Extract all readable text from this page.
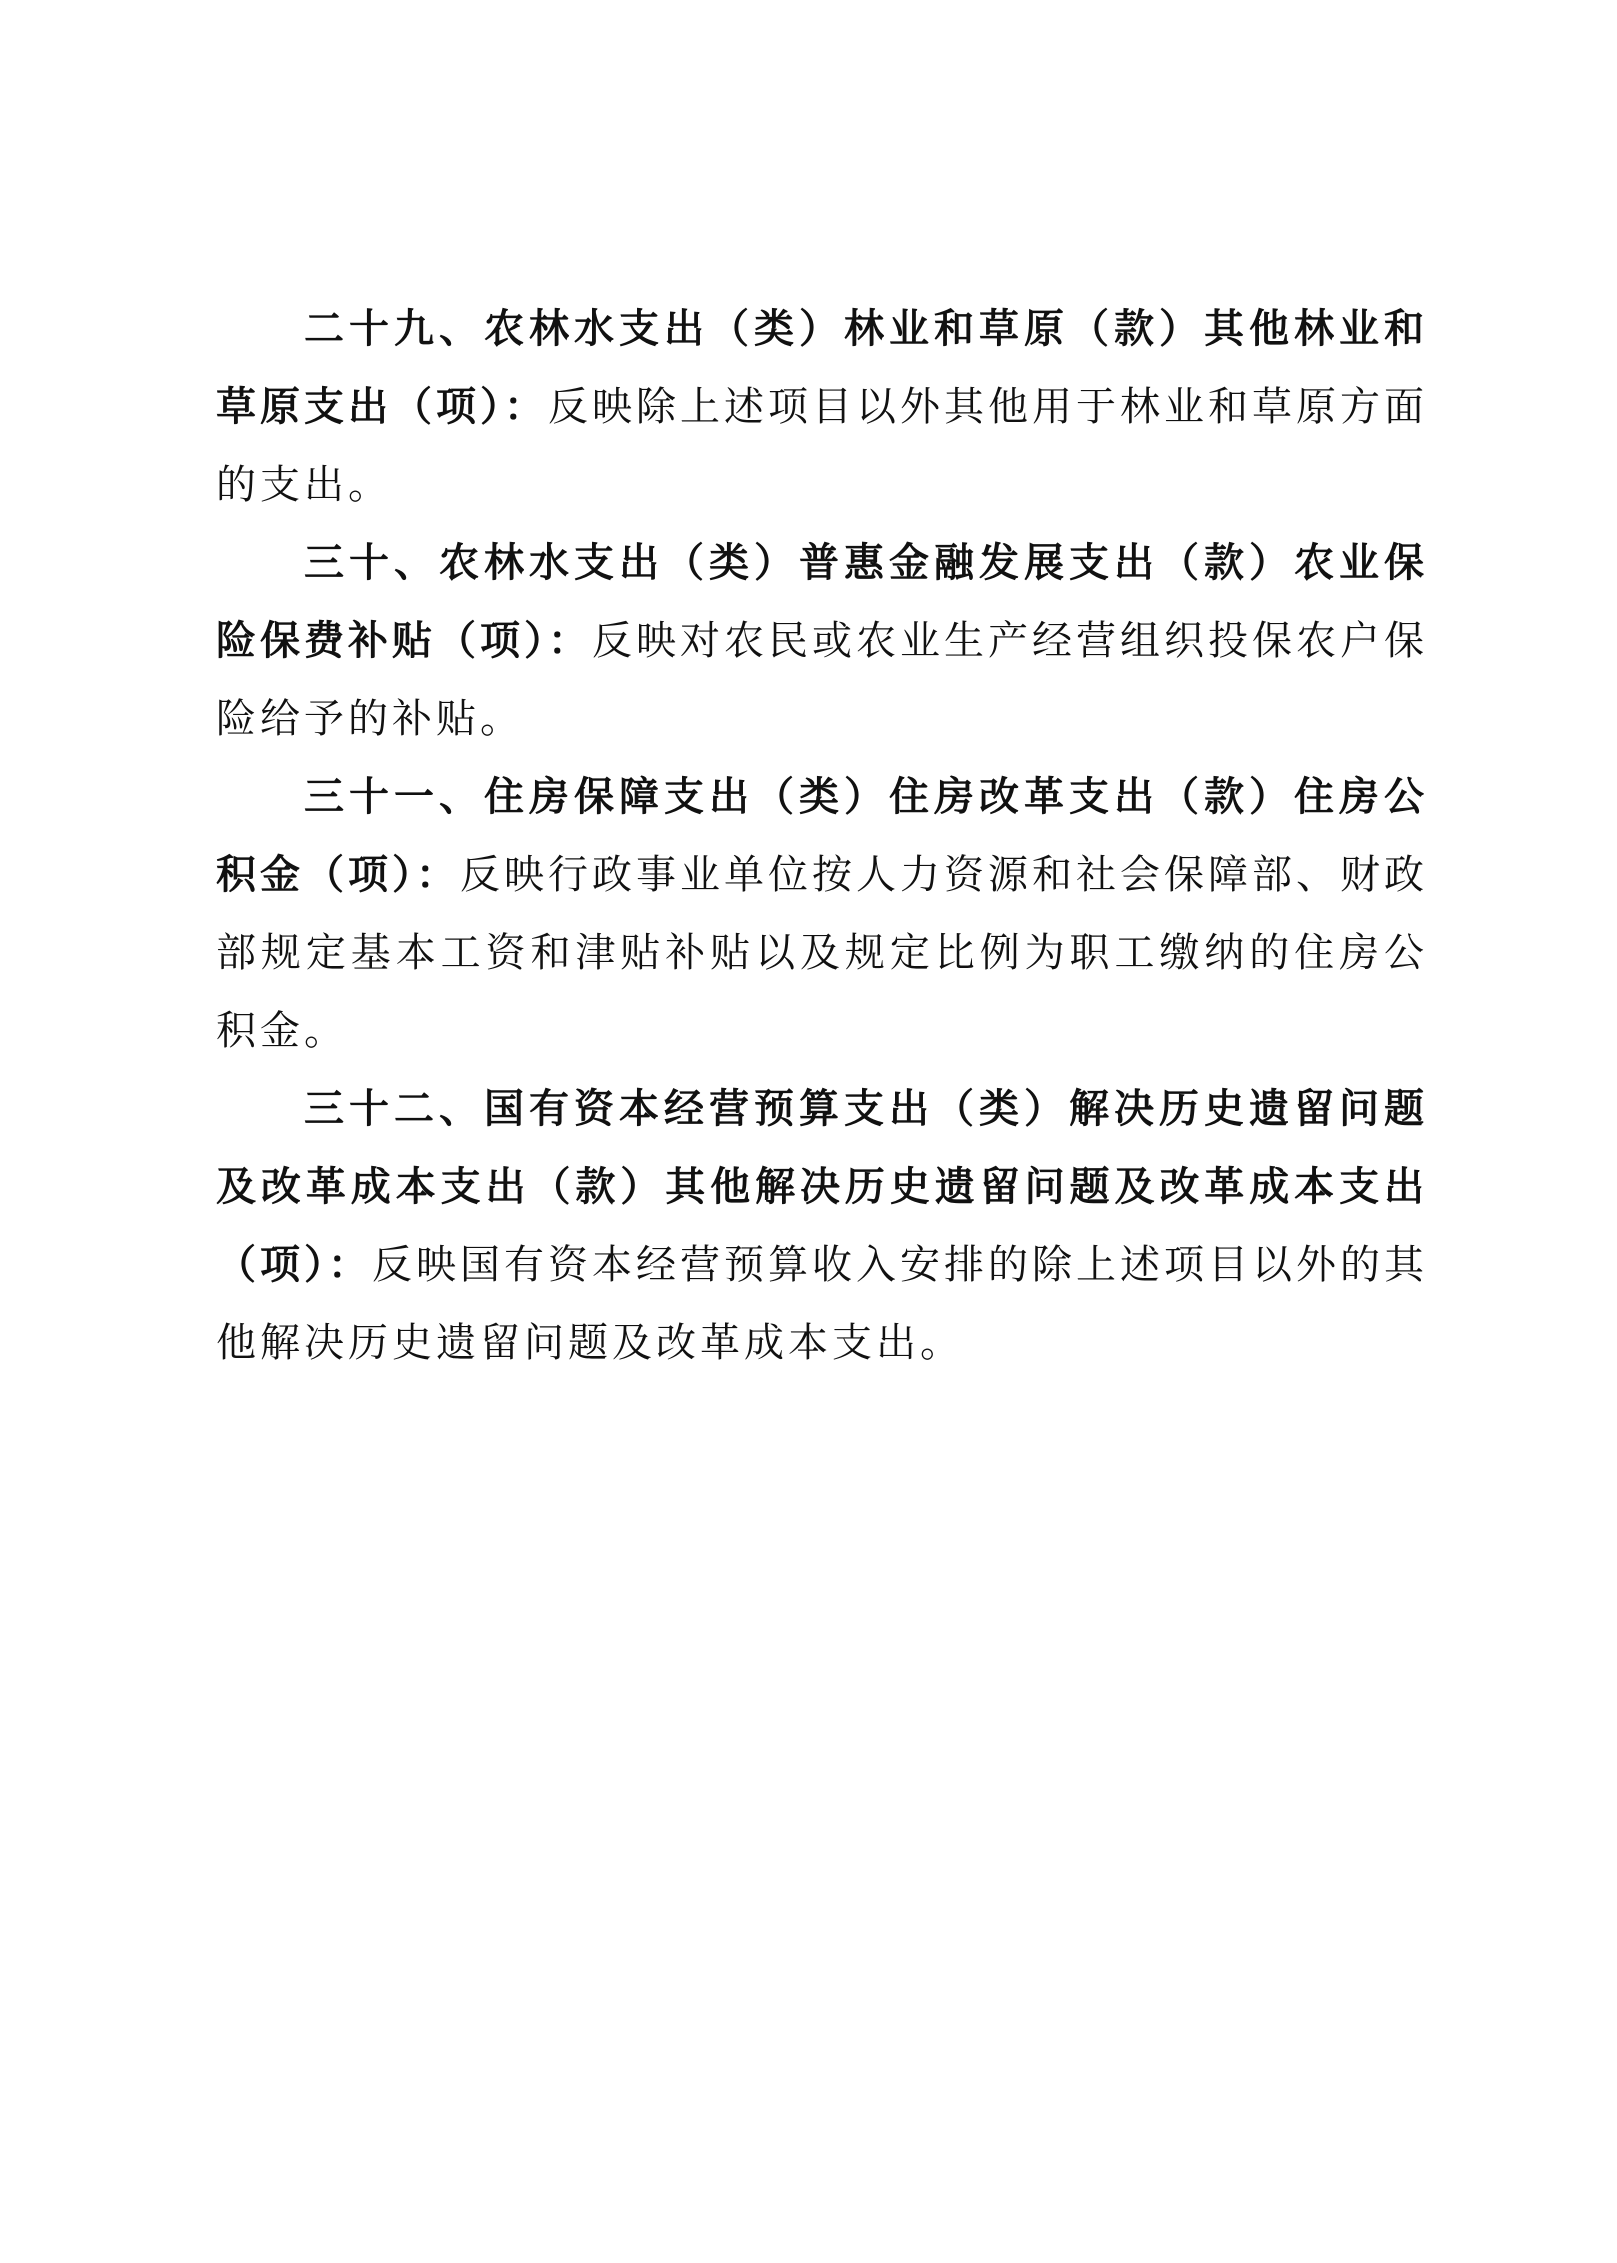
二十九、农林水支出（类）林业和草原（款）其他林业和草原支出（项）：反映除上述项目以外其他用于林业和草原方面的支出。

三十、农林水支出（类）普惠金融发展支出（款）农业保险保费补贴（项）：反映对农民或农业生产经营组织投保农户保险给予的补贴。

三十一、住房保障支出（类）住房改革支出（款）住房公积金（项）：反映行政事业单位按人力资源和社会保障部、财政部规定基本工资和津贴补贴以及规定比例为职工缴纳的住房公积金。

三十二、国有资本经营预算支出（类）解决历史遗留问题及改革成本支出（款）其他解决历史遗留问题及改革成本支出（项）：反映国有资本经营预算收入安排的除上述项目以外的其他解决历史遗留问题及改革成本支出。
